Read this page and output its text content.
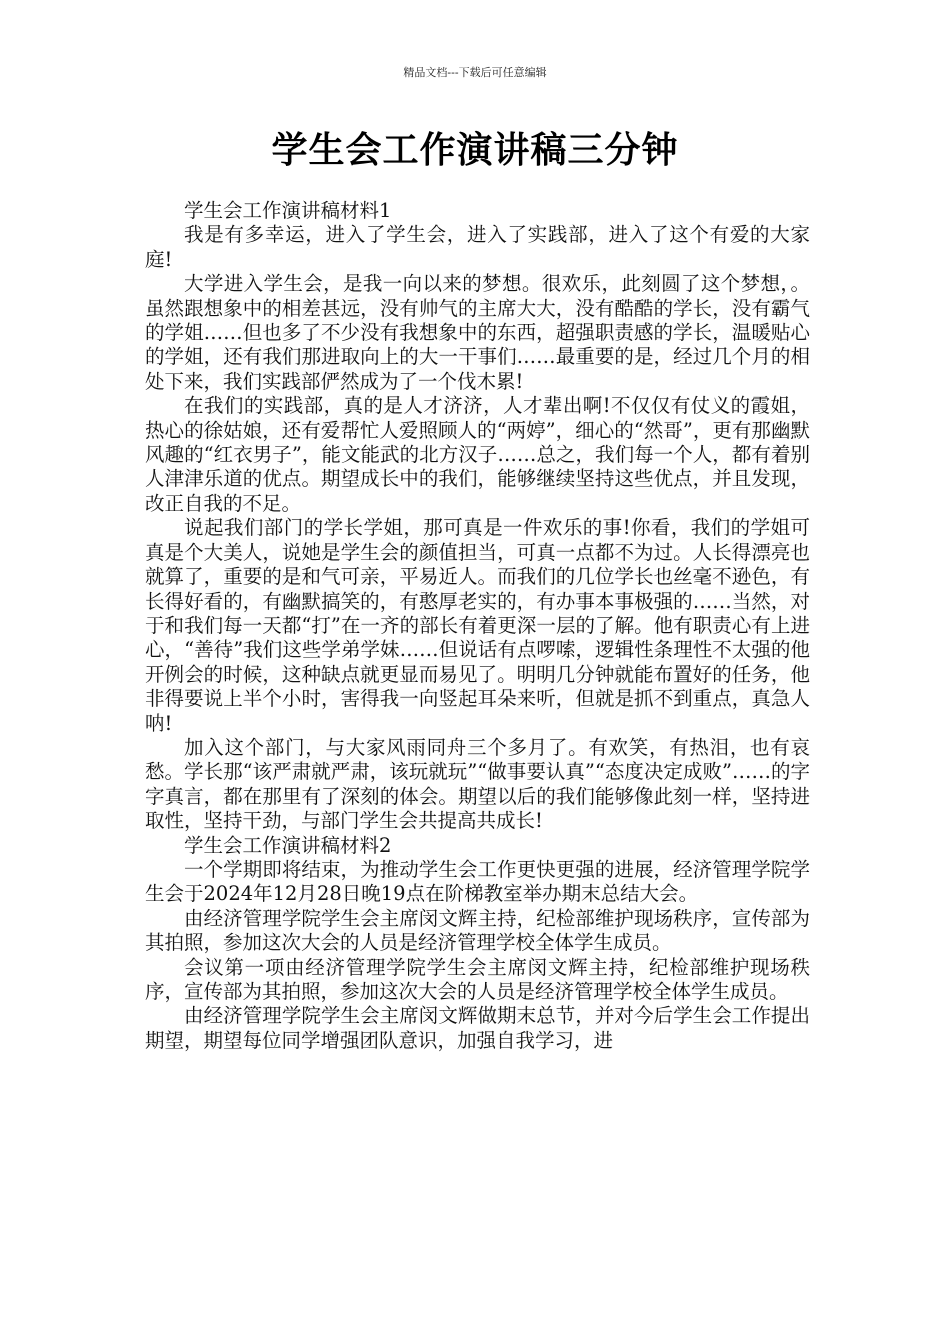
精品文档---下载后可任意编辑
学生会工作演讲稿三分钟

学生会工作演讲稿材料1

我是有多幸运，进入了学生会，进入了实践部，进入了这个有爱的大家庭!

大学进入学生会，是我一向以来的梦想。很欢乐，此刻圆了这个梦想，。虽然跟想象中的相差甚远，没有帅气的主席大大，没有酷酷的学长，没有霸气的学姐……但也多了不少没有我想象中的东西，超强职责感的学长，温暖贴心的学姐，还有我们那进取向上的大一干事们……最重要的是，经过几个月的相处下来，我们实践部俨然成为了一个伐木累!

在我们的实践部，真的是人才济济，人才辈出啊!不仅仅有仗义的霞姐，热心的徐姑娘，还有爱帮忙人爱照顾人的“两婷”，细心的“然哥”，更有那幽默风趣的“红衣男子”，能文能武的北方汉子……总之，我们每一个人，都有着别人津津乐道的优点。期望成长中的我们，能够继续坚持这些优点，并且发现，改正自我的不足。

说起我们部门的学长学姐，那可真是一件欢乐的事!你看，我们的学姐可真是个大美人，说她是学生会的颜值担当，可真一点都不为过。人长得漂亮也就算了，重要的是和气可亲，平易近人。而我们的几位学长也丝毫不逊色，有长得好看的，有幽默搞笑的，有憨厚老实的，有办事本事极强的……当然，对于和我们每一天都“打”在一齐的部长有着更深一层的了解。他有职责心有上进心，“善待”我们这些学弟学妹……但说话有点啰嗦，逻辑性条理性不太强的他开例会的时候，这种缺点就更显而易见了。明明几分钟就能布置好的任务，他非得要说上半个小时，害得我一向竖起耳朵来听，但就是抓不到重点，真急人呐!

加入这个部门，与大家风雨同舟三个多月了。有欢笑，有热泪，也有哀愁。学长那“该严肃就严肃，该玩就玩”“做事要认真”“态度决定成败”……的字字真言，都在那里有了深刻的体会。期望以后的我们能够像此刻一样，坚持进取性，坚持干劲，与部门学生会共提高共成长!

学生会工作演讲稿材料2

一个学期即将结束，为推动学生会工作更快更强的进展，经济管理学院学生会于2024年12月28日晚19点在阶梯教室举办期末总结大会。

由经济管理学院学生会主席闵文辉主持，纪检部维护现场秩序，宣传部为其拍照，参加这次大会的人员是经济管理学校全体学生成员。

会议第一项由经济管理学院学生会主席闵文辉主持，纪检部维护现场秩序，宣传部为其拍照，参加这次大会的人员是经济管理学校全体学生成员。

由经济管理学院学生会主席闵文辉做期末总节，并对今后学生会工作提出期望，期望每位同学增强团队意识，加强自我学习，进
